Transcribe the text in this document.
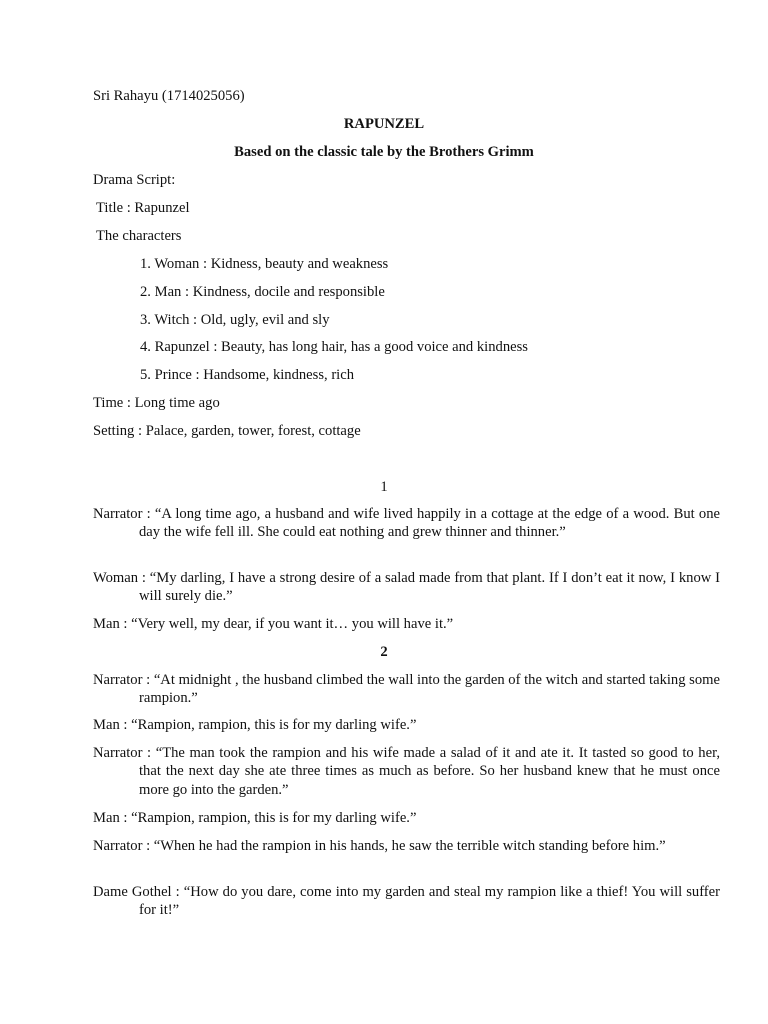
Sri Rahayu (1714025056)
RAPUNZEL
Based on the classic tale by the Brothers Grimm
Drama Script:
Title : Rapunzel
The characters
1. Woman : Kidness, beauty and weakness
2. Man : Kindness, docile and responsible
3. Witch : Old, ugly, evil and sly
4. Rapunzel : Beauty, has long hair, has a good voice and kindness
5. Prince : Handsome, kindness, rich
Time : Long time ago
Setting : Palace, garden, tower, forest, cottage
1
Narrator : “A long time ago, a husband and wife lived happily in a cottage at the edge of a wood. But one day the wife fell ill. She could eat nothing and grew thinner and thinner.”
Woman : “My darling, I have a strong desire of a salad made from that plant. If I don’t eat it now, I know I will surely die.”
Man : “Very well, my dear, if you want it… you will have it.”
2
Narrator : “At midnight , the husband climbed the wall into the garden of the witch and started taking some rampion.”
Man : “Rampion, rampion, this is for my darling wife.”
Narrator : “The man took the rampion and his wife made a salad of it and ate it. It tasted so good to her, that the next day she ate three times as much as before. So her husband knew that he must once more go into the garden.”
Man : “Rampion, rampion, this is for my darling wife.”
Narrator : “When he had the rampion in his hands, he saw the terrible witch standing before him.”
Dame Gothel : “How do you dare, come into my garden and steal my rampion like a thief! You will suffer for it!”
